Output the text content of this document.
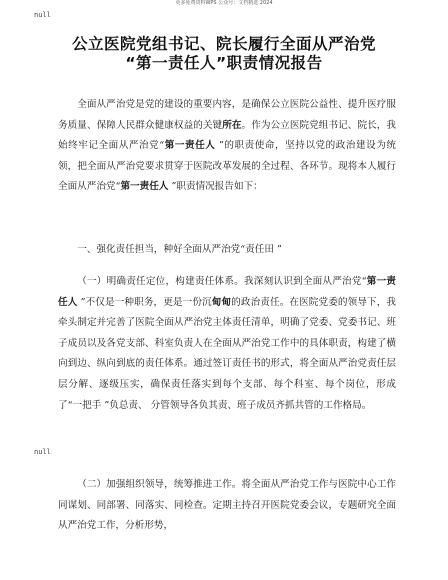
更多免费资料WPS 公众号：文档精选 2024
null
公立医院党组书记、院长履行全面从严治党
“第一责任人”职责情况报告
全面从严治党是党的建设的重要内容，是确保公立医院公益性、提升医疗服务质量、保障人民群众健康权益的关键所在。作为公立医院党组书记、院长，我始终牢记全面从严治党“第一责任人 ”的职责使命，坚持以党的政治建设为统领，把全面从严治党要求贯穿于医院改革发展的全过程、各环节。现将本人履行全面从严治党“第一责任人 ”职责情况报告如下：
一、强化责任担当，种好全面从严治党“责任田 ”
（一）明确责任定位，构建责任体系。我深刻认识到全面从严治党“第一责任人 ”不仅是一种职务，更是一份沉甸甸的政治责任。在医院党委的领导下，我牵头制定并完善了医院全面从严治党主体责任清单，明确了党委、党委书记、班子成员以及各党支部、科室负责人在全面从严治党工作中的具体职责，构建了横向到边、纵向到底的责任体系。通过签订责任书的形式，将全面从严治党责任层层分解、逐级压实，确保责任落实到每个支部、每个科室、每个岗位，形成了“一把手 ”负总责、 分管领导各负其责、班子成员齐抓共管的工作格局。
（二）加强组织领导，统筹推进工作。将全面从严治党工作与医院中心工作同谋划、同部署、同落实、同检查。定期主持召开医院党委会议，专题研究全面从严治党工作，分析形势，
null
